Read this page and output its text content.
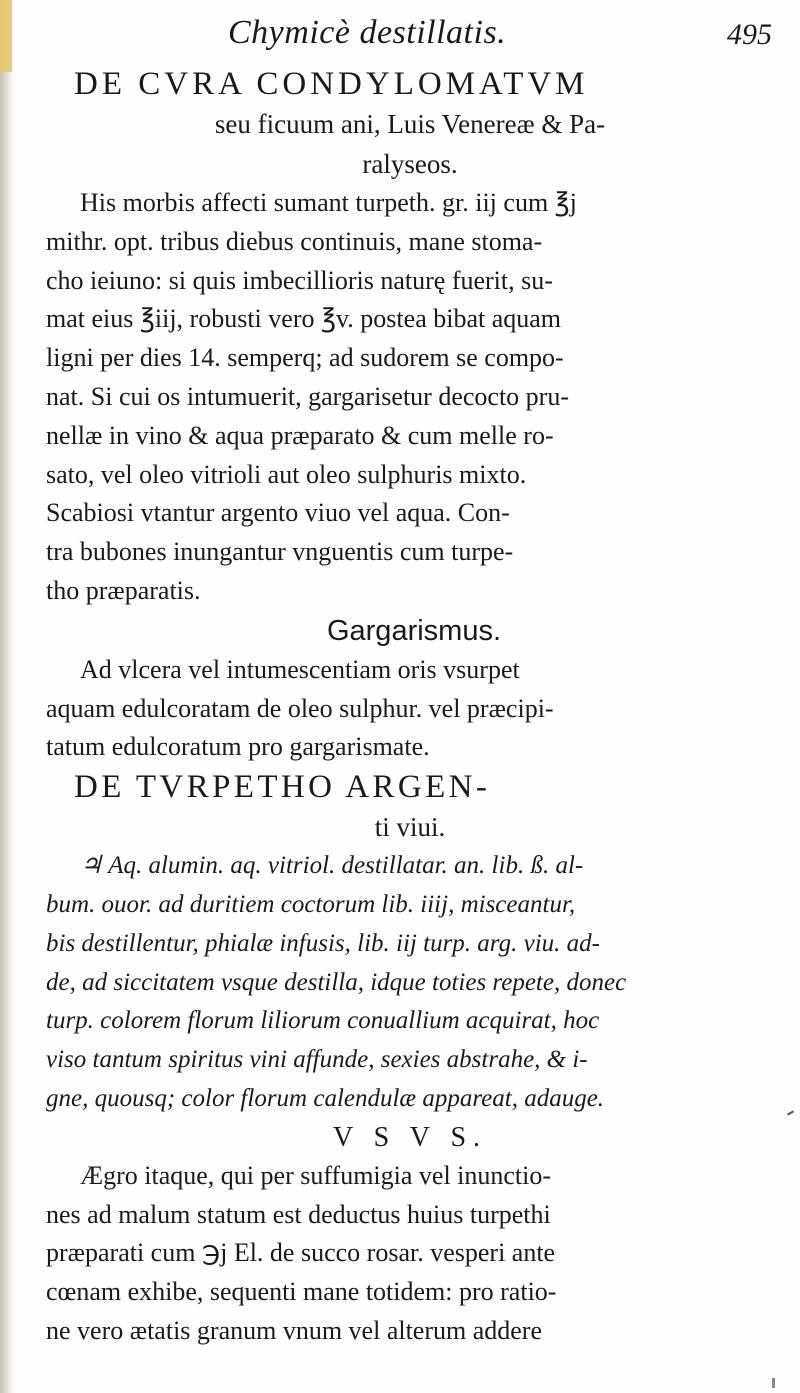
Chymicè destillatis.	495

DE CVRA CONDYLOMATVM

seu ficuum ani, Luis Venereæ & Pa-

ralyseos.

His morbis affecti sumant turpeth. gr. iij cum ℥j
mithr. opt. tribus diebus continuis, mane stoma-
cho ieiuno: si quis imbecillioris naturę fuerit, su-
mat eius ℥iij, robusti vero ℥v. postea bibat aquam
ligni per dies 14. semperq; ad sudorem se compo-
nat. Si cui os intumuerit, gargarisetur decocto pru-
nellæ in vino & aqua præparato & cum melle ro-
sato, vel oleo vitrioli aut oleo sulphuris mixto.
Scabiosi vtantur argento viuo vel aqua. Con-
tra bubones inungantur vnguentis cum turpe-
tho præparatis.

Gargarismus.

Ad vlcera vel intumescentiam oris vsurpet
aquam edulcoratam de oleo sulphur. vel præcipi-
tatum edulcoratum pro gargarismate.

DE TVRPETHO ARGEN-

ti viui.

♃ Aq. alumin. aq. vitriol. destillatar. an. lib. ß. al-
bum. ouor. ad duritiem coctorum lib. iiij, misceantur,
bis destillentur, phialæ infusis, lib. iij turp. arg. viu. ad-
de, ad siccitatem vsque destilla, idque toties repete, donec
turp. colorem florum liliorum conuallium acquirat, hoc
viso tantum spiritus vini affunde, sexies abstrahe, & i-
gne, quousq; color florum calendulæ appareat, adauge.

V S V S.

Ægro itaque, qui per suffumigia vel inunctio-
nes ad malum statum est deductus huius turpethi
præparati cum ℈j El. de succo rosar. vesperi ante
cœnam exhibe, sequenti mane totidem: pro ratio-
ne vero ætatis granum vnum vel alterum addere
